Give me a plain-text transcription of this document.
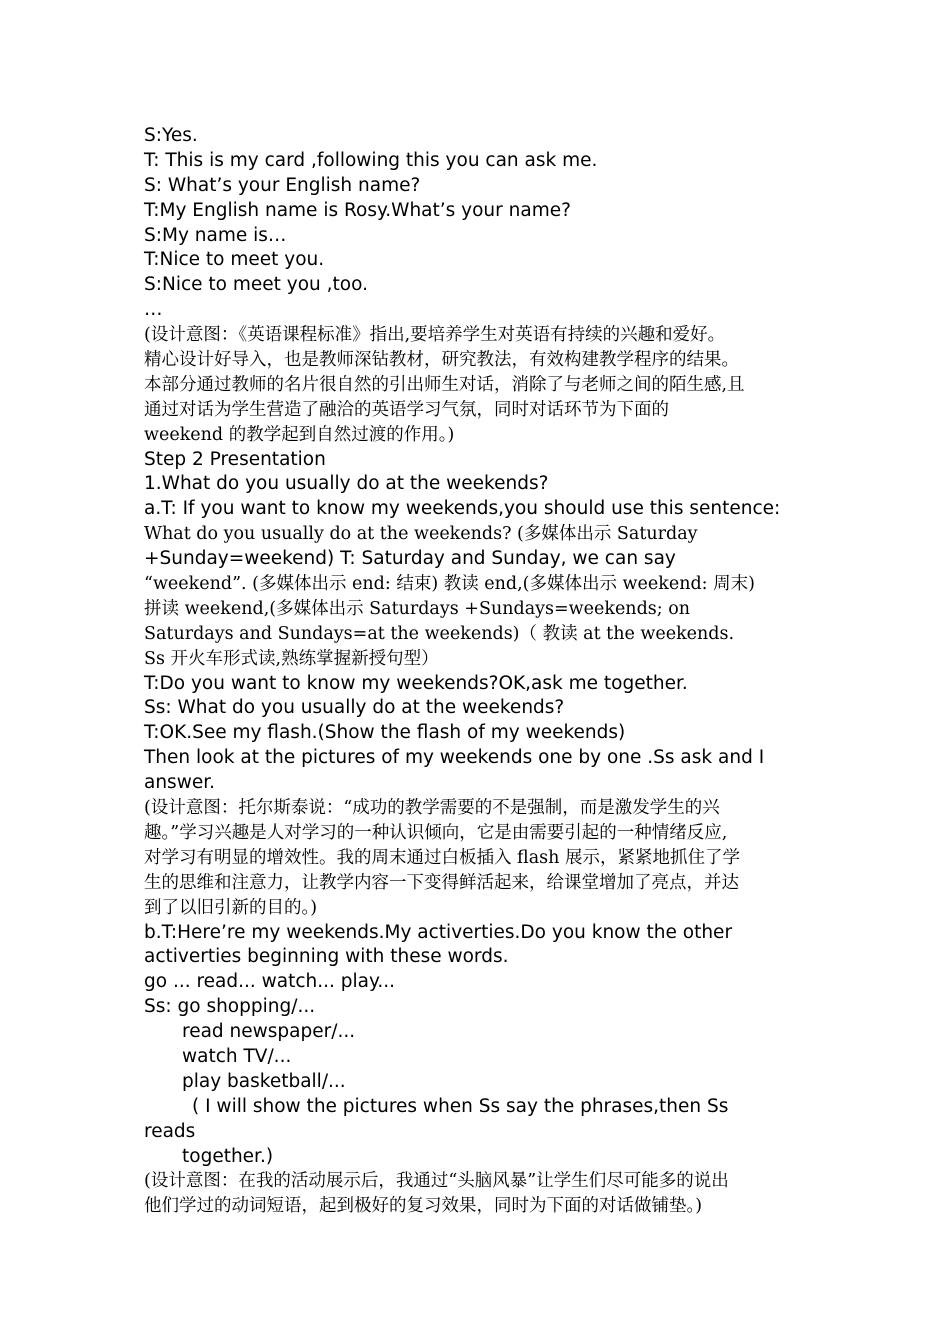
S:Yes.
T: This is my card ,following this you can ask me.
S: What’s your English name?
T:My English name is Rosy.What’s your name?
S:My name is…
T:Nice to meet you.
S:Nice to meet you ,too.
…
(设计意图：《英语课程标准》指出,要培养学生对英语有持续的兴趣和爱好。
精心设计好导入，也是教师深钻教材，研究教法，有效构建教学程序的结果。
本部分通过教师的名片很自然的引出师生对话，消除了与老师之间的陌生感,且
通过对话为学生营造了融洽的英语学习气氛，同时对话环节为下面的
weekend 的教学起到自然过渡的作用。)
Step 2 Presentation
1.What do you usually do at the weekends?
a.T: If you want to know my weekends,you should use this sentence:
What do you usually do at the weekends? (多媒体出示 Saturday
+Sunday=weekend) T: Saturday and Sunday, we can say
“weekend”. (多媒体出示 end: 结束) 教读 end,(多媒体出示 weekend: 周末)
拼读 weekend,(多媒体出示 Saturdays +Sundays=weekends; on
Saturdays and Sundays=at the weekends)（ 教读 at the weekends.
Ss 开火车形式读,熟练掌握新授句型）
T:Do you want to know my weekends?OK,ask me together.
Ss: What do you usually do at the weekends?
T:OK.See my flash.(Show the flash of my weekends)
Then look at the pictures of my weekends one by one .Ss ask and I
answer.
(设计意图：托尔斯泰说：“成功的教学需要的不是强制，而是激发学生的兴
趣。”学习兴趣是人对学习的一种认识倾向，它是由需要引起的一种情绪反应,
对学习有明显的增效性。我的周末通过白板插入 flash 展示，紧紧地抓住了学
生的思维和注意力，让教学内容一下变得鲜活起来，给课堂增加了亮点，并达
到了以旧引新的目的。)
b.T:Here’re my weekends.My activerties.Do you know the other
activerties beginning with these words.
go ... read... watch... play...
Ss: go shopping/...
read newspaper/...
watch TV/...
play basketball/...
( I will show the pictures when Ss say the phrases,then Ss
reads
together.)
(设计意图：在我的活动展示后，我通过“头脑风暴”让学生们尽可能多的说出
他们学过的动词短语，起到极好的复习效果，同时为下面的对话做铺垫。)
